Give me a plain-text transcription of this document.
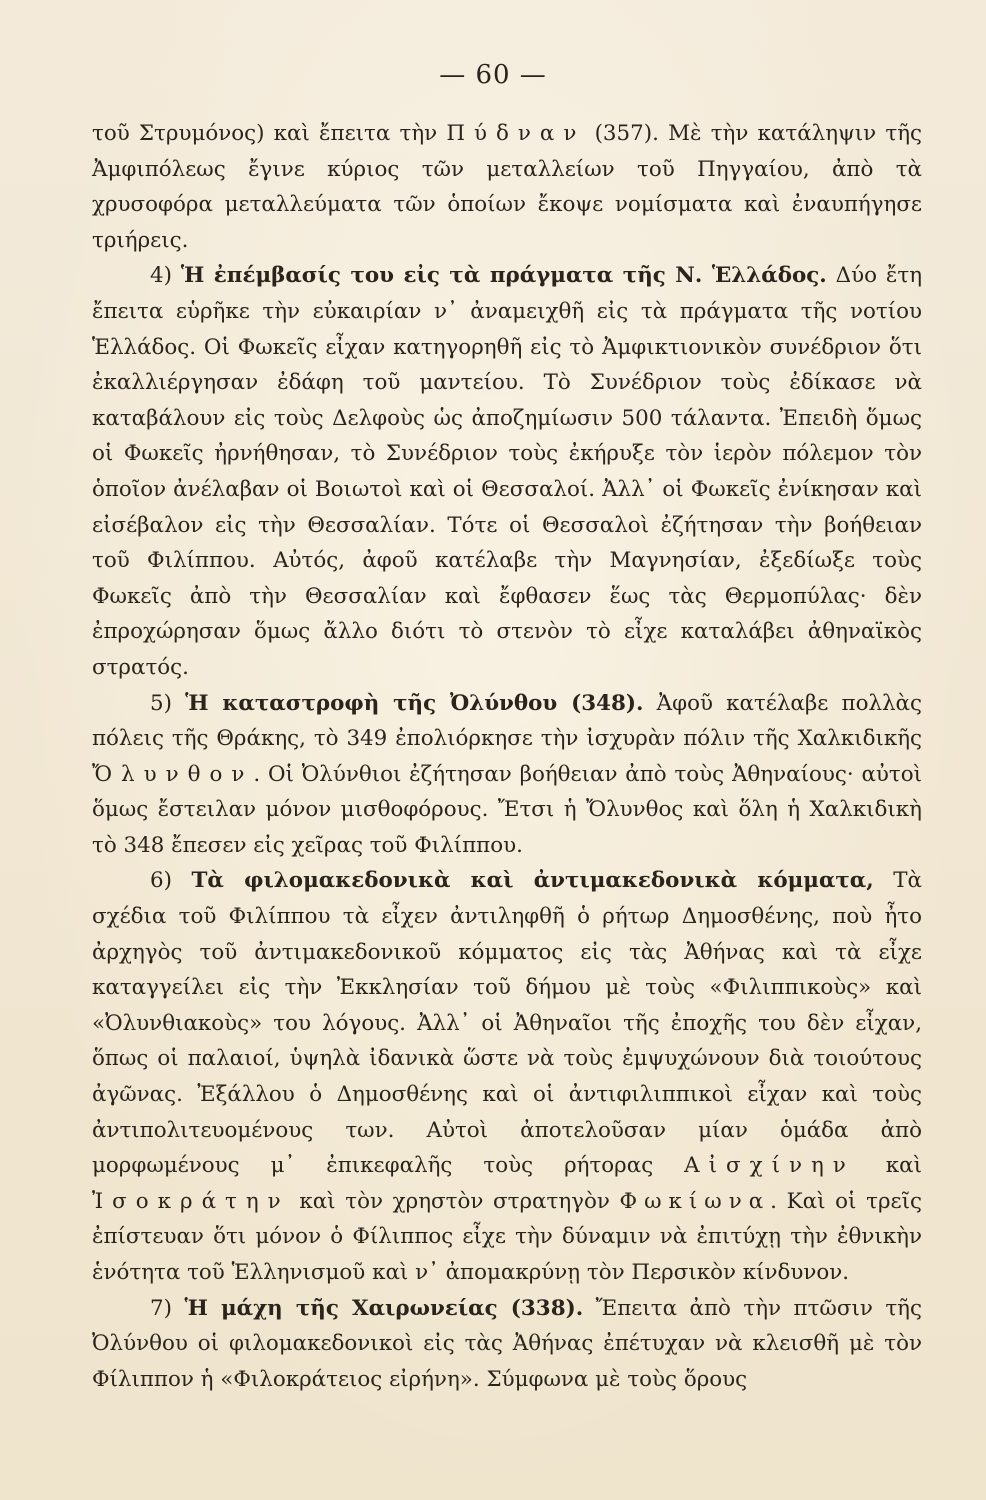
— 60 —

τοῦ Στρυμόνος) καὶ ἔπειτα τὴν Πύδναν (357). Μὲ τὴν κατάληψιν τῆς Ἀμφιπόλεως ἔγινε κύριος τῶν μεταλλείων τοῦ Πηγγαίου, ἀπὸ τὰ χρυσοφόρα μεταλλεύματα τῶν ὁποίων ἔκοψε νομίσματα καὶ ἐναυπήγησε τριήρεις.

4) Ἡ ἐπέμβασίς του εἰς τὰ πράγματα τῆς Ν. Ἑλλάδος. Δύο ἔτη ἔπειτα εὑρῆκε τὴν εὐκαιρίαν ν᾽ ἀναμειχθῆ εἰς τὰ πράγματα τῆς νοτίου Ἑλλάδος. Οἱ Φωκεῖς εἶχαν κατηγορηθῆ εἰς τὸ Ἀμφικτιονικὸν συνέδριον ὅτι ἐκαλλιέργησαν ἐδάφη τοῦ μαντείου. Τὸ Συνέδριον τοὺς ἐδίκασε νὰ καταβάλουν εἰς τοὺς Δελφοὺς ὡς ἀποζημίωσιν 500 τάλαντα. Ἐπειδὴ ὅμως οἱ Φωκεῖς ἠρνήθησαν, τὸ Συνέδριον τοὺς ἐκήρυξε τὸν ἱερὸν πόλεμον τὸν ὁποῖον ἀνέλαβαν οἱ Βοιωτοὶ καὶ οἱ Θεσσαλοί. Ἀλλ᾽ οἱ Φωκεῖς ἐνίκησαν καὶ εἰσέβαλον εἰς τὴν Θεσσαλίαν. Τότε οἱ Θεσσαλοὶ ἐζήτησαν τὴν βοήθειαν τοῦ Φιλίππου. Αὐτός, ἀφοῦ κατέλαβε τὴν Μαγνησίαν, ἐξεδίωξε τοὺς Φωκεῖς ἀπὸ τὴν Θεσσαλίαν καὶ ἔφθασεν ἕως τὰς Θερμοπύλας· δὲν ἐπροχώρησαν ὅμως ἄλλο διότι τὸ στενὸν τὸ εἶχε καταλάβει ἀθηναϊκὸς στρατός.

5) Ἡ καταστροφὴ τῆς Ὀλύνθου (348). Ἀφοῦ κατέλαβε πολλὰς πόλεις τῆς Θράκης, τὸ 349 ἐπολιόρκησε τὴν ἰσχυρὰν πόλιν τῆς Χαλκιδικῆς Ὄλυνθον. Οἱ Ὀλύνθιοι ἐζήτησαν βοήθειαν ἀπὸ τοὺς Ἀθηναίους· αὐτοὶ ὅμως ἔστειλαν μόνον μισθοφόρους. Ἔτσι ἡ Ὄλυνθος καὶ ὅλη ἡ Χαλκιδικὴ τὸ 348 ἔπεσεν εἰς χεῖρας τοῦ Φιλίππου.

6) Τὰ φιλομακεδονικὰ καὶ ἀντιμακεδονικὰ κόμματα, Τὰ σχέδια τοῦ Φιλίππου τὰ εἶχεν ἀντιληφθῆ ὁ ρήτωρ Δημοσθένης, ποὺ ἦτο ἀρχηγὸς τοῦ ἀντιμακεδονικοῦ κόμματος εἰς τὰς Ἀθήνας καὶ τὰ εἶχε καταγγείλει εἰς τὴν Ἐκκλησίαν τοῦ δήμου μὲ τοὺς «Φιλιππικοὺς» καὶ «Ὀλυνθιακοὺς» του λόγους. Ἀλλ᾽ οἱ Ἀθηναῖοι τῆς ἐποχῆς του δὲν εἶχαν, ὅπως οἱ παλαιοί, ὑψηλὰ ἰδανικὰ ὥστε νὰ τοὺς ἐμψυχώνουν διὰ τοιούτους ἀγῶνας. Ἐξάλλου ὁ Δημοσθένης καὶ οἱ ἀντιφιλιππικοὶ εἶχαν καὶ τοὺς ἀντιπολιτευομένους των. Αὐτοὶ ἀποτελοῦσαν μίαν ὁμάδα ἀπὸ μορφωμένους μ᾽ ἐπικεφαλῆς τοὺς ρήτορας Αἰσχίνην καὶ Ἰσοκράτην καὶ τὸν χρηστὸν στρατηγὸν Φωκίωνα. Καὶ οἱ τρεῖς ἐπίστευαν ὅτι μόνον ὁ Φίλιππος εἶχε τὴν δύναμιν νὰ ἐπιτύχῃ τὴν ἐθνικὴν ἑνότητα τοῦ Ἑλληνισμοῦ καὶ ν᾽ ἀπομακρύνῃ τὸν Περσικὸν κίνδυνον.

7) Ἡ μάχη τῆς Χαιρωνείας (338). Ἔπειτα ἀπὸ τὴν πτῶσιν τῆς Ὀλύνθου οἱ φιλομακεδονικοὶ εἰς τὰς Ἀθήνας ἐπέτυχαν νὰ κλεισθῆ μὲ τὸν Φίλιππον ἡ «Φιλοκράτειος εἰρήνη». Σύμφωνα μὲ τοὺς ὅρους
